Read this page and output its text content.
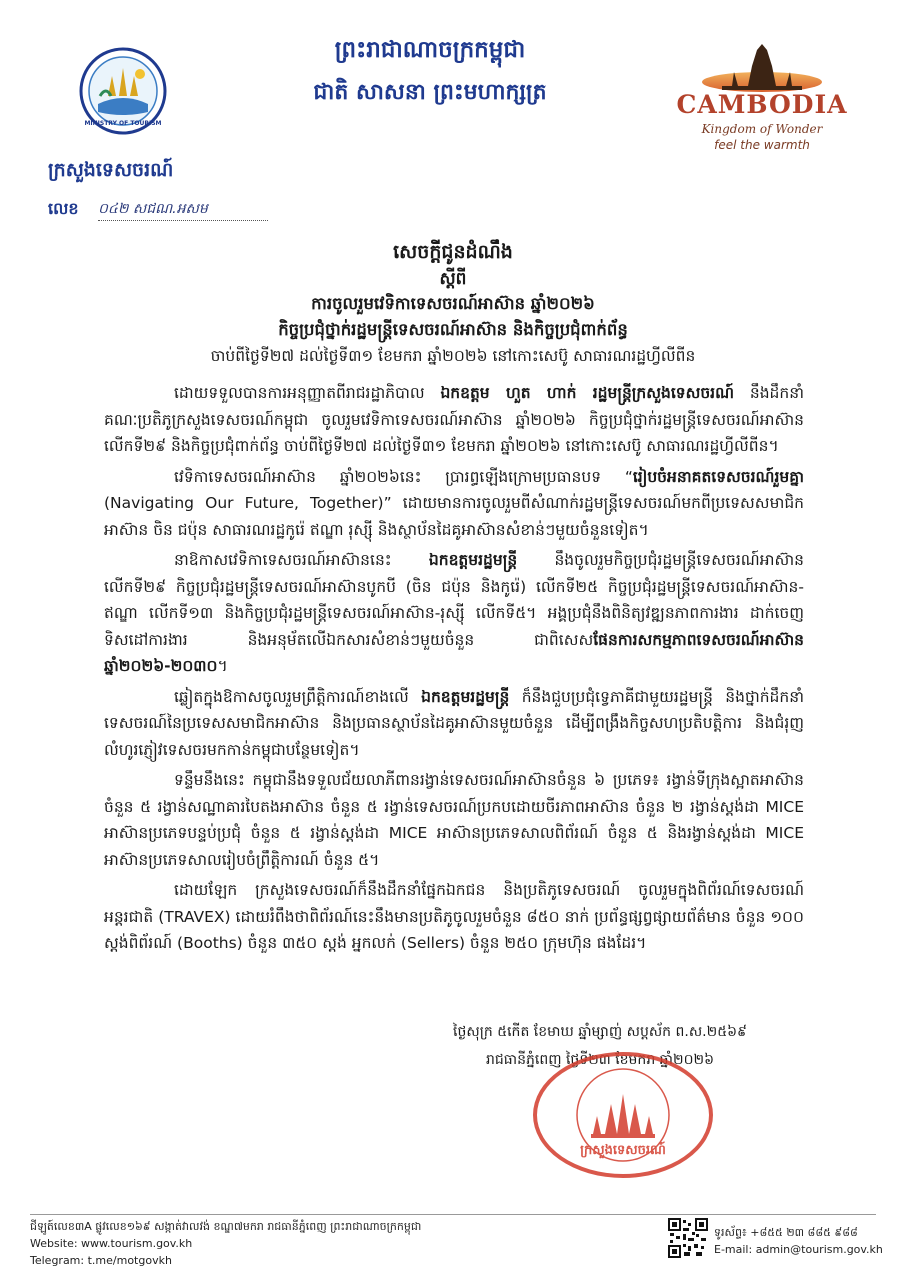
MINISTRY OF TOURISM
ព្រះរាជាណាចក្រកម្ពុជា
ជាតិ សាសនា ព្រះមហាក្សត្រ	CAMBODIA
Kingdom of Wonder
feel the warmth
ក្រសួងទេសចរណ៍
លេខ ០៤២ សជណ.អសម
សេចក្តីជូនដំណឹង
ស្តីពី
ការចូលរួមវេទិកាទេសចរណ៍អាស៊ាន ឆ្នាំ២០២៦
កិច្ចប្រជុំថ្នាក់រដ្ឋមន្ត្រីទេសចរណ៍អាស៊ាន និងកិច្ចប្រជុំពាក់ព័ន្ធ
ចាប់ពីថ្ងៃទី២៧ ដល់ថ្ងៃទី៣១ ខែមករា ឆ្នាំ២០២៦ នៅកោះសេប៊ូ សាធារណរដ្ឋហ្វីលីពីន

ដោយទទួលបានការអនុញ្ញាតពីរាជរដ្ឋាភិបាល ឯកឧត្តម ហួត ហាក់ រដ្ឋមន្ត្រីក្រសួងទេសចរណ៍ នឹងដឹកនាំគណៈប្រតិភូក្រសួងទេសចរណ៍កម្ពុជា ចូលរួមវេទិកាទេសចរណ៍អាស៊ាន ឆ្នាំ២០២៦ កិច្ចប្រជុំថ្នាក់រដ្ឋមន្ត្រីទេសចរណ៍អាស៊ាន លើកទី២៩ និងកិច្ចប្រជុំពាក់ព័ន្ធ ចាប់ពីថ្ងៃទី២៧ ដល់ថ្ងៃទី៣១ ខែមករា ឆ្នាំ២០២៦ នៅកោះសេប៊ូ សាធារណរដ្ឋហ្វីលីពីន។

វេទិកាទេសចរណ៍អាស៊ាន ឆ្នាំ២០២៦នេះ ប្រារព្ធឡើងក្រោមប្រធានបទ “រៀបចំអនាគតទេសចរណ៍រួមគ្នា (Navigating Our Future, Together)” ដោយមានការចូលរួមពីសំណាក់រដ្ឋមន្ត្រីទេសចរណ៍មកពីប្រទេសសមាជិកអាស៊ាន ចិន ជប៉ុន សាធារណរដ្ឋកូរ៉េ ឥណ្ឌា រុស្ស៊ី និងស្ថាប័នដៃគូអាស៊ានសំខាន់ៗមួយចំនួនទៀត។

នាឱកាសវេទិកាទេសចរណ៍អាស៊ាននេះ ឯកឧត្តមរដ្ឋមន្ត្រី នឹងចូលរួមកិច្ចប្រជុំរដ្ឋមន្ត្រីទេសចរណ៍អាស៊ាន លើកទី២៩ កិច្ចប្រជុំរដ្ឋមន្ត្រីទេសចរណ៍អាស៊ានបូកបី (ចិន ជប៉ុន និងកូរ៉េ) លើកទី២៥ កិច្ចប្រជុំរដ្ឋមន្ត្រីទេសចរណ៍អាស៊ាន-ឥណ្ឌា លើកទី១៣ និងកិច្ចប្រជុំរដ្ឋមន្ត្រីទេសចរណ៍អាស៊ាន-រុស្ស៊ី លើកទី៥។ អង្គប្រជុំនឹងពិនិត្យវឌ្ឍនភាពការងារ ដាក់ចេញទិសដៅការងារ និងអនុម័តលើឯកសារសំខាន់ៗមួយចំនួន ជាពិសេសផែនការសកម្មភាពទេសចរណ៍អាស៊ាន ឆ្នាំ២០២៦-២០៣០។

ឆ្លៀតក្នុងឱកាសចូលរួមព្រឹត្តិការណ៍ខាងលើ ឯកឧត្តមរដ្ឋមន្ត្រី ក៏នឹងជួបប្រជុំទ្វេភាគីជាមួយរដ្ឋមន្ត្រី និងថ្នាក់ដឹកនាំទេសចរណ៍នៃប្រទេសសមាជិកអាស៊ាន និងប្រធានស្ថាប័នដៃគូអាស៊ានមួយចំនួន ដើម្បីពង្រឹងកិច្ចសហប្រតិបត្តិការ និងជំរុញលំហូរភ្ញៀវទេសចរមកកាន់កម្ពុជាបន្ថែមទៀត។

ទន្ទឹមនឹងនេះ កម្ពុជានឹងទទួលជ័យលាភីពានរង្វាន់ទេសចរណ៍អាស៊ានចំនួន ៦ ប្រភេទ៖ រង្វាន់ទីក្រុងស្អាតអាស៊ាន ចំនួន ៥ រង្វាន់សណ្ឋាគារបៃតងអាស៊ាន ចំនួន ៥ រង្វាន់ទេសចរណ៍ប្រកបដោយចីរភាពអាស៊ាន ចំនួន ២ រង្វាន់ស្តង់ដា MICE អាស៊ានប្រភេទបន្ទប់ប្រជុំ ចំនួន ៥ រង្វាន់ស្តង់ដា MICE អាស៊ានប្រភេទសាលពិព័រណ៍ ចំនួន ៥ និងរង្វាន់ស្តង់ដា MICE អាស៊ានប្រភេទសាលរៀបចំព្រឹត្តិការណ៍ ចំនួន ៥។

ដោយឡែក ក្រសួងទេសចរណ៍ក៏នឹងដឹកនាំផ្នែកឯកជន និងប្រតិភូទេសចរណ៍ ចូលរួមក្នុងពិព័រណ៍ទេសចរណ៍អន្តរជាតិ (TRAVEX) ដោយរំពឹងថាពិព័រណ៍នេះនឹងមានប្រតិភូចូលរួមចំនួន ៨៥០ នាក់ ប្រព័ន្ធផ្សព្វផ្សាយព័ត៌មាន ចំនួន ១០០ ស្តង់ពិព័រណ៍ (Booths) ចំនួន ៣៥០ ស្តង់ អ្នកលក់ (Sellers) ចំនួន ២៥០ ក្រុមហ៊ុន ផងដែរ។

ថ្ងៃសុក្រ ៥កើត ខែមាឃ ឆ្នាំម្សាញ់ សប្តស័ក ព.ស.២៥៦៩
រាជធានីភ្នំពេញ ថ្ងៃទី២៣ ខែមករា ឆ្នាំ២០២៦
ក្រសួងទេសចរណ៍
ជីឡូត៍លេខ៣A ផ្លូវលេខ១៦៩ សង្កាត់វាលវង់ ខណ្ឌ៧មករា រាជធានីភ្នំពេញ ព្រះរាជាណាចក្រកម្ពុជា
Website: www.tourism.gov.kh
Telegram: t.me/motgovkh
ទូរស័ព្ទ៖ +៨៥៥ ២៣ ៨៨៥ ៩៨៨
E-mail: admin@tourism.gov.kh
